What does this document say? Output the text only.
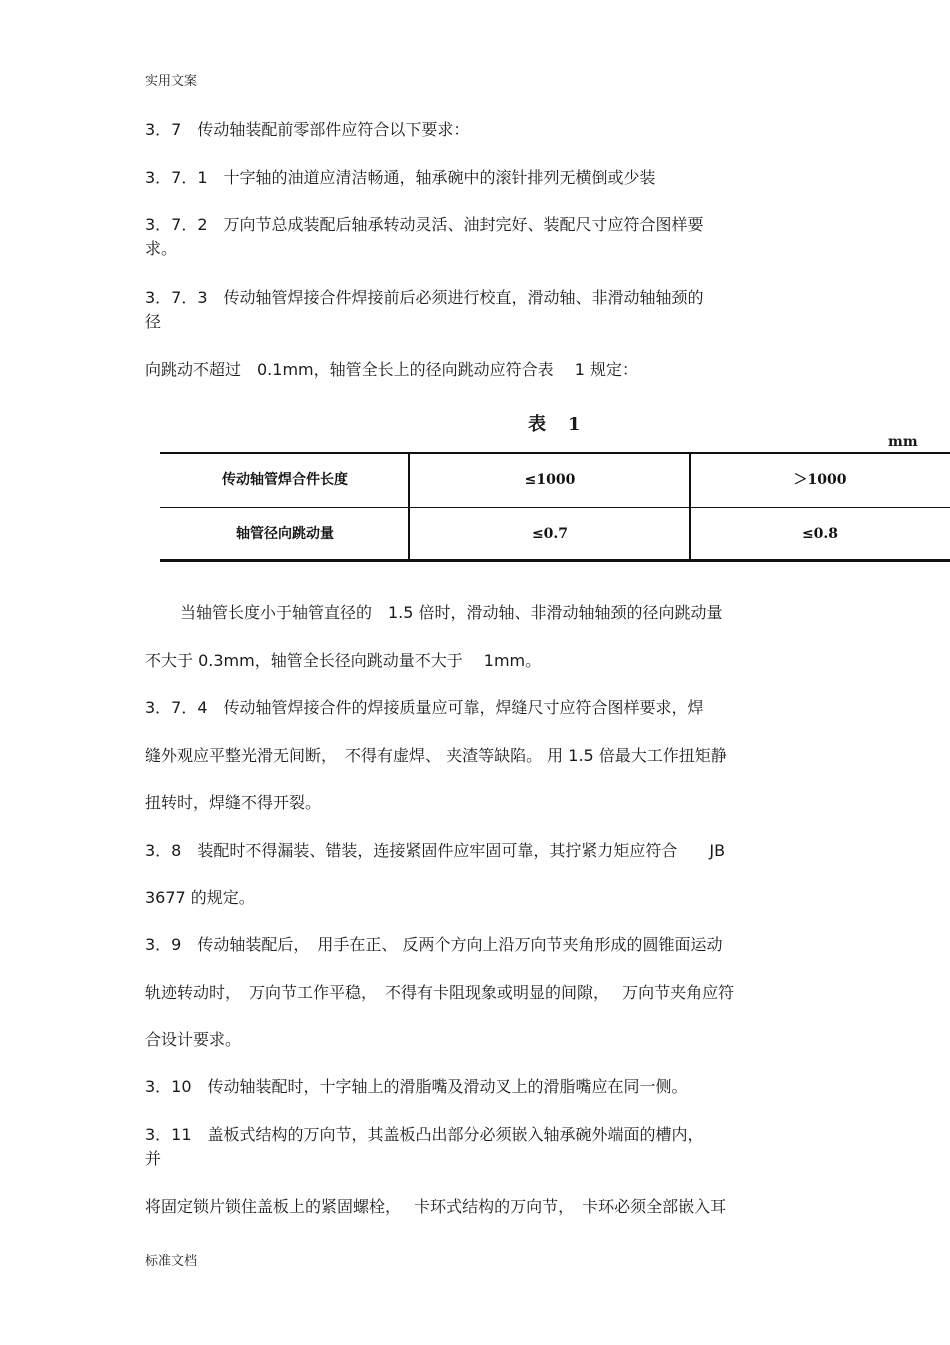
实用文案
3．7　传动轴装配前零部件应符合以下要求：
3．7．1　十字轴的油道应清洁畅通，轴承碗中的滚针排列无横倒或少装
3．7．2　万向节总成装配后轴承转动灵活、油封完好、装配尺寸应符合图样要
求。
3．7．3　传动轴管焊接合件焊接前后必须进行校直，滑动轴、非滑动轴轴颈的
径
向跳动不超过　0.1mm，轴管全长上的径向跳动应符合表　 1 规定：
表　1
mm
传动轴管焊合件长度	≤1000	＞1000
轴管径向跳动量	≤0.7	≤0.8
当轴管长度小于轴管直径的　1.5 倍时，滑动轴、非滑动轴轴颈的径向跳动量
不大于 0.3mm，轴管全长径向跳动量不大于　 1mm。
3．7．4　传动轴管焊接合件的焊接质量应可靠，焊缝尺寸应符合图样要求，焊
缝外观应平整光滑无间断，　不得有虚焊、 夹渣等缺陷。 用 1.5 倍最大工作扭矩静
扭转时，焊缝不得开裂。
3．8　装配时不得漏装、错装，连接紧固件应牢固可靠，其拧紧力矩应符合　　JB
3677 的规定。
3．9　传动轴装配后，　用手在正、 反两个方向上沿万向节夹角形成的圆锥面运动
轨迹转动时，　万向节工作平稳，　不得有卡阻现象或明显的间隙，　 万向节夹角应符
合设计要求。
3．10　传动轴装配时，十字轴上的滑脂嘴及滑动叉上的滑脂嘴应在同一侧。
3．11　盖板式结构的万向节，其盖板凸出部分必须嵌入轴承碗外端面的槽内，
并
将固定锁片锁住盖板上的紧固螺栓，　 卡环式结构的万向节，　卡环必须全部嵌入耳
标准文档
